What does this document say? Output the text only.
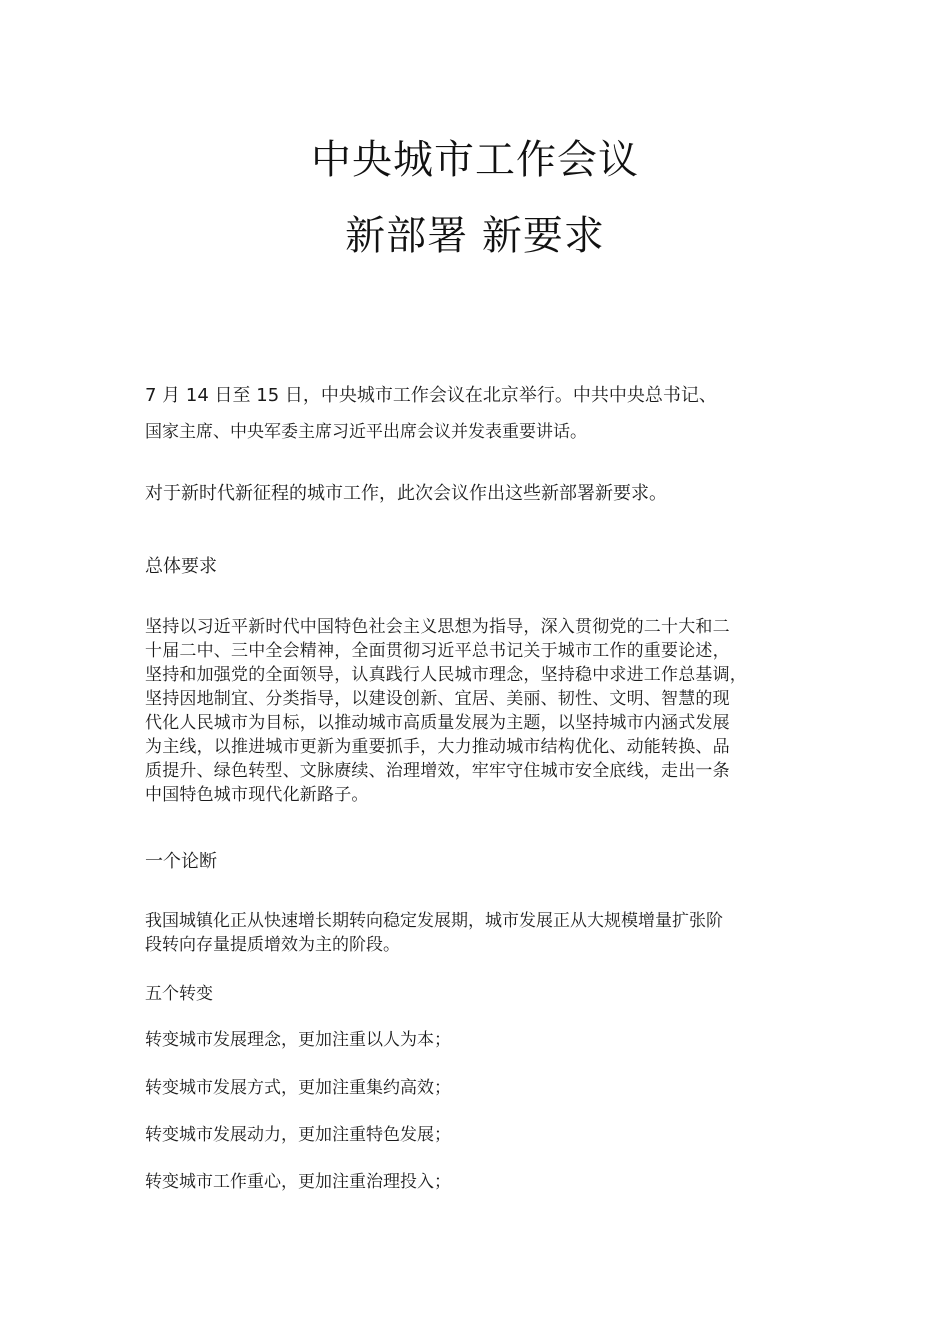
中央城市工作会议
新部署 新要求
7 月 14 日至 15 日，中央城市工作会议在北京举行。中共中央总书记、
国家主席、中央军委主席习近平出席会议并发表重要讲话。
对于新时代新征程的城市工作，此次会议作出这些新部署新要求。
总体要求
坚持以习近平新时代中国特色社会主义思想为指导，深入贯彻党的二十大和二
十届二中、三中全会精神，全面贯彻习近平总书记关于城市工作的重要论述，
坚持和加强党的全面领导，认真践行人民城市理念，坚持稳中求进工作总基调，
坚持因地制宜、分类指导，以建设创新、宜居、美丽、韧性、文明、智慧的现
代化人民城市为目标，以推动城市高质量发展为主题，以坚持城市内涵式发展
为主线，以推进城市更新为重要抓手，大力推动城市结构优化、动能转换、品
质提升、绿色转型、文脉赓续、治理增效，牢牢守住城市安全底线，走出一条
中国特色城市现代化新路子。
一个论断
我国城镇化正从快速增长期转向稳定发展期，城市发展正从大规模增量扩张阶
段转向存量提质增效为主的阶段。
五个转变
转变城市发展理念，更加注重以人为本；
转变城市发展方式，更加注重集约高效；
转变城市发展动力，更加注重特色发展；
转变城市工作重心，更加注重治理投入；
